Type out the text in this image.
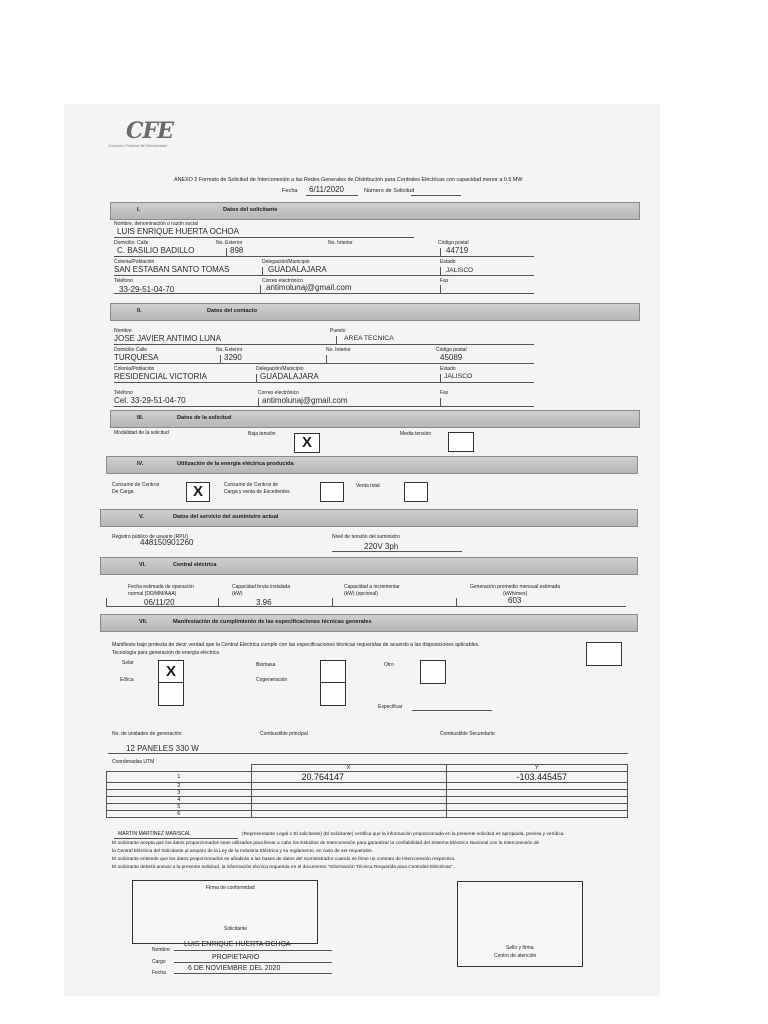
CFE
Comisión Federal de Electricidad
ANEXO 2 Formato de Solicitud de Interconexión a las Redes Generales de Distribución para Centrales Eléctricas con capacidad menor a 0.5 MW
Fecha 6/11/2020	Número de Solicitud
I.	Datos del solicitante
Nombre, denominación o razón social
LUIS ENRIQUE HUERTA OCHOA
Domicilio: Calle
C. BASILIO BADILLO
No. Exterior
898
No. Interior	Código postal
44719
Colonia/Población
SAN ESTABAN SANTO TOMAS
Delegación/Municipio
GUADALAJARA
Estado
JALISCO
Teléfono
33-29-51-04-70
Correo electrónico
antimolunaj@gmail.com
Fax
II.	Datos del contacto
Nombre
JOSE JAVIER ANTIMO LUNA
Puesto
AREA TECNICA
Domicilio Calle
TURQUESA
No. Exterior
3290
No. Interior	Código postal
45089
Colonia/Población
RESIDENCIAL VICTORIA
Delegación/Municipio
GUADALAJARA
Estado
JALISCO
Teléfono
Cel. 33-29-51-04-70
Correo electrónico
antimolunaj@gmail.com
Fax
III.	Datos de la solicitud
Modalidad de la solicitud	Baja tensión	X	Media tensión
IV.	Utilización de la energía eléctrica producida
Consumo de Centros
De Carga	X	Consumo de Centros de
Carga y venta de Excedentes
Venta total
V.	Datos del servicio del suministro actual
Registro público de usuario (RPU)
448150901260
Nivel de tensión del suministro
220V 3ph
VI.	Central eléctrica
Fecha estimada de operación
normal (DD/MM/AAA)
06/11/20
Capacidad bruta instalada
(kW)
3.96
Capacidad a incrementar
(kW) (opcional)
Generación promedio mensual estimada
(kWh/mes)
603
VII.	Manifestación de cumplimiento de las especificaciones técnicas generales
Manifiesto bajo protesta de decir verdad que la Central Eléctrica cumple con las especificaciones técnicas requeridas de acuerdo a las disposiciones aplicables.
Tecnología para generación de energía eléctrica
Solar	X
Eólica
Biomasa
Cogeneración
Otro
Especificar
No. de unidades de generación	Combustible principal	Combustible Secundario
12 PANELES 330 W
Coordenadas UTM
	X	Y
1	20.764147	-103.445457
2		
3		
4		
5		
6		
MARTIN MARTINEZ MARISCAL	(Representante Legal o El solicitante) (El solicitante) certifica que la información proporcionada en la presente solicitud es apropiada, precisa y verídica.
El solicitante acepta que los datos proporcionados sean utilizados para llevar a cabo los Estudios de Interconexión para garantizar la confiabilidad del Sistema Eléctrico Nacional con la Interconexión de
la Central Eléctrica del Solicitante al amparo de la Ley de la Industria Eléctrica y su reglamento, en caso de ser requeridos.
El solicitante entiende que los datos proporcionados se añadirán a las bases de datos del Suministrador cuando se firme un contrato de Interconexión respectivo.
El solicitante deberá anexar a la presente solicitud, la información técnica requerida en el documento "Información Técnica Requerida para Centrales Eléctricas".
Firma de conformidad
Solicitante
Sello y firma
Centro de atención
Nombre
LUIS ENRIQUE HUERTA OCHOA
Cargo
PROPIETARIO
Fecha
6 DE NOVIEMBRE DEL 2020
